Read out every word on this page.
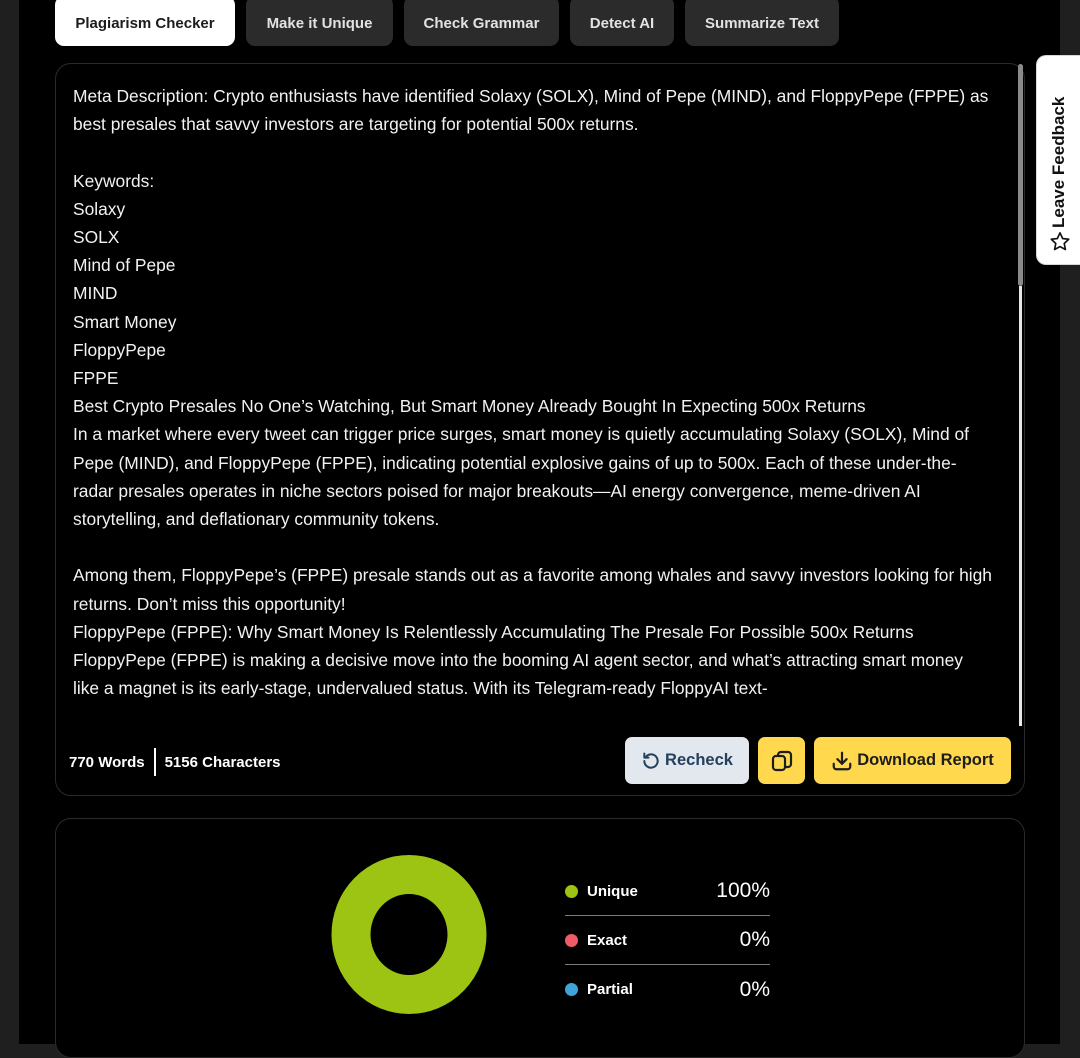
Plagiarism Checker	Make it Unique	Check Grammar	Detect AI	Summarize Text
Meta Description: Crypto enthusiasts have identified Solaxy (SOLX), Mind of Pepe (MIND), and FloppyPepe (FPPE) as best presales that savvy investors are targeting for potential 500x returns.

Keywords:
Solaxy
SOLX
Mind of Pepe
MIND
Smart Money
FloppyPepe
FPPE
Best Crypto Presales No One’s Watching, But Smart Money Already Bought In Expecting 500x Returns
In a market where every tweet can trigger price surges, smart money is quietly accumulating Solaxy (SOLX), Mind of Pepe (MIND), and FloppyPepe (FPPE), indicating potential explosive gains of up to 500x. Each of these under-the-radar presales operates in niche sectors poised for major breakouts—AI energy convergence, meme-driven AI storytelling, and deflationary community tokens.

Among them, FloppyPepe’s (FPPE) presale stands out as a favorite among whales and savvy investors looking for high returns. Don’t miss this opportunity!
FloppyPepe (FPPE): Why Smart Money Is Relentlessly Accumulating The Presale For Possible 500x Returns
FloppyPepe (FPPE) is making a decisive move into the booming AI agent sector, and what’s attracting smart money like a magnet is its early-stage, undervalued status. With its Telegram-ready FloppyAI text-
770 Words 5156 Characters	Recheck	Download Report
Unique	100%
Exact	0%
Partial	0%
Leave Feedback
